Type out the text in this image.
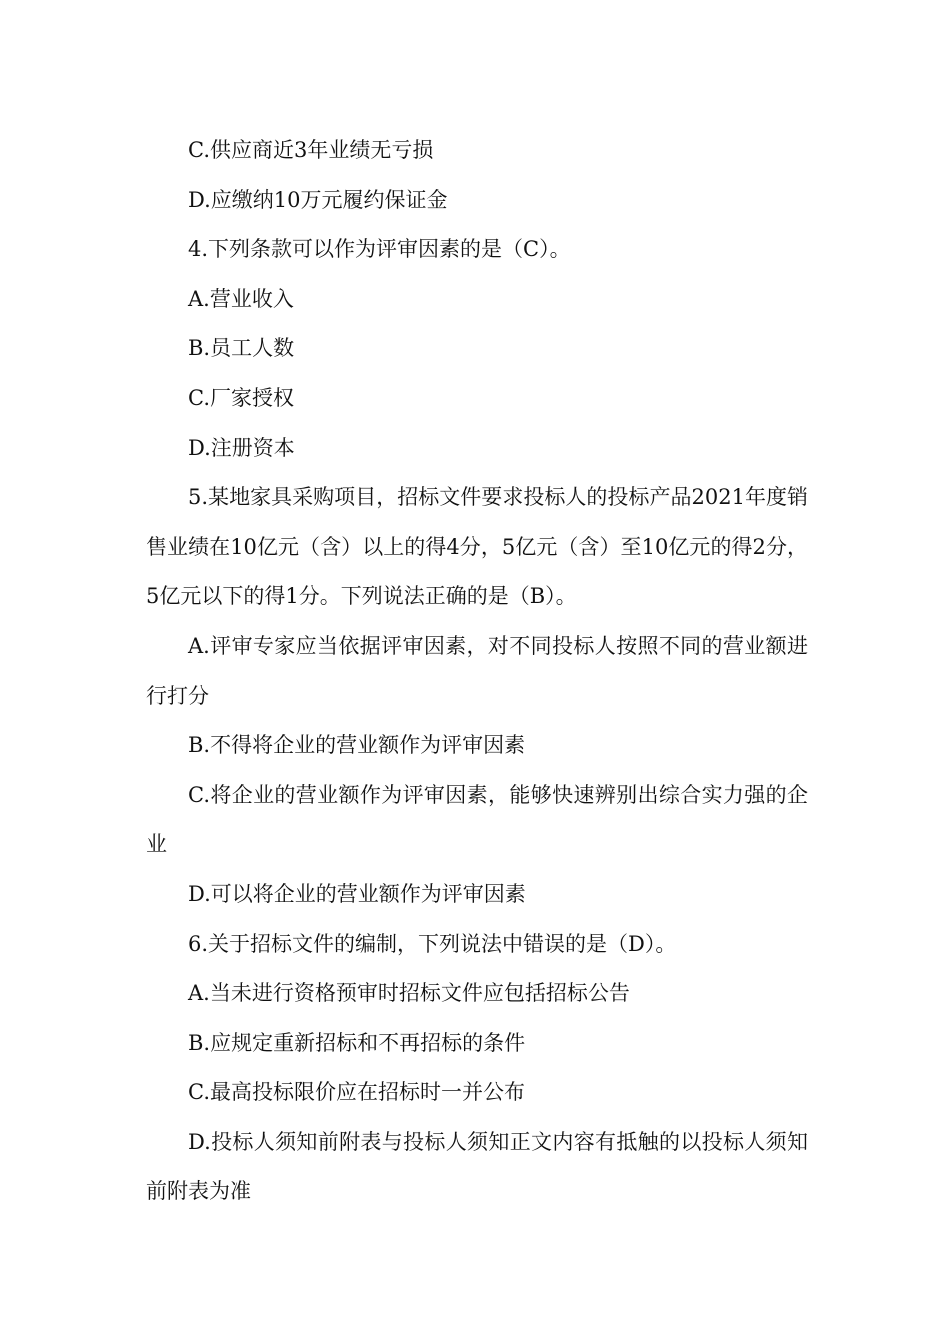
C.供应商近3年业绩无亏损

D.应缴纳10万元履约保证金

4.下列条款可以作为评审因素的是（C）。

A.营业收入

B.员工人数

C.厂家授权

D.注册资本

5.某地家具采购项目，招标文件要求投标人的投标产品2021年度销售业绩在10亿元（含）以上的得4分，5亿元（含）至10亿元的得2分，5亿元以下的得1分。下列说法正确的是（B）。

A.评审专家应当依据评审因素，对不同投标人按照不同的营业额进行打分

B.不得将企业的营业额作为评审因素

C.将企业的营业额作为评审因素，能够快速辨别出综合实力强的企业

D.可以将企业的营业额作为评审因素

6.关于招标文件的编制，下列说法中错误的是（D）。

A.当未进行资格预审时招标文件应包括招标公告

B.应规定重新招标和不再招标的条件

C.最高投标限价应在招标时一并公布

D.投标人须知前附表与投标人须知正文内容有抵触的以投标人须知前附表为准
